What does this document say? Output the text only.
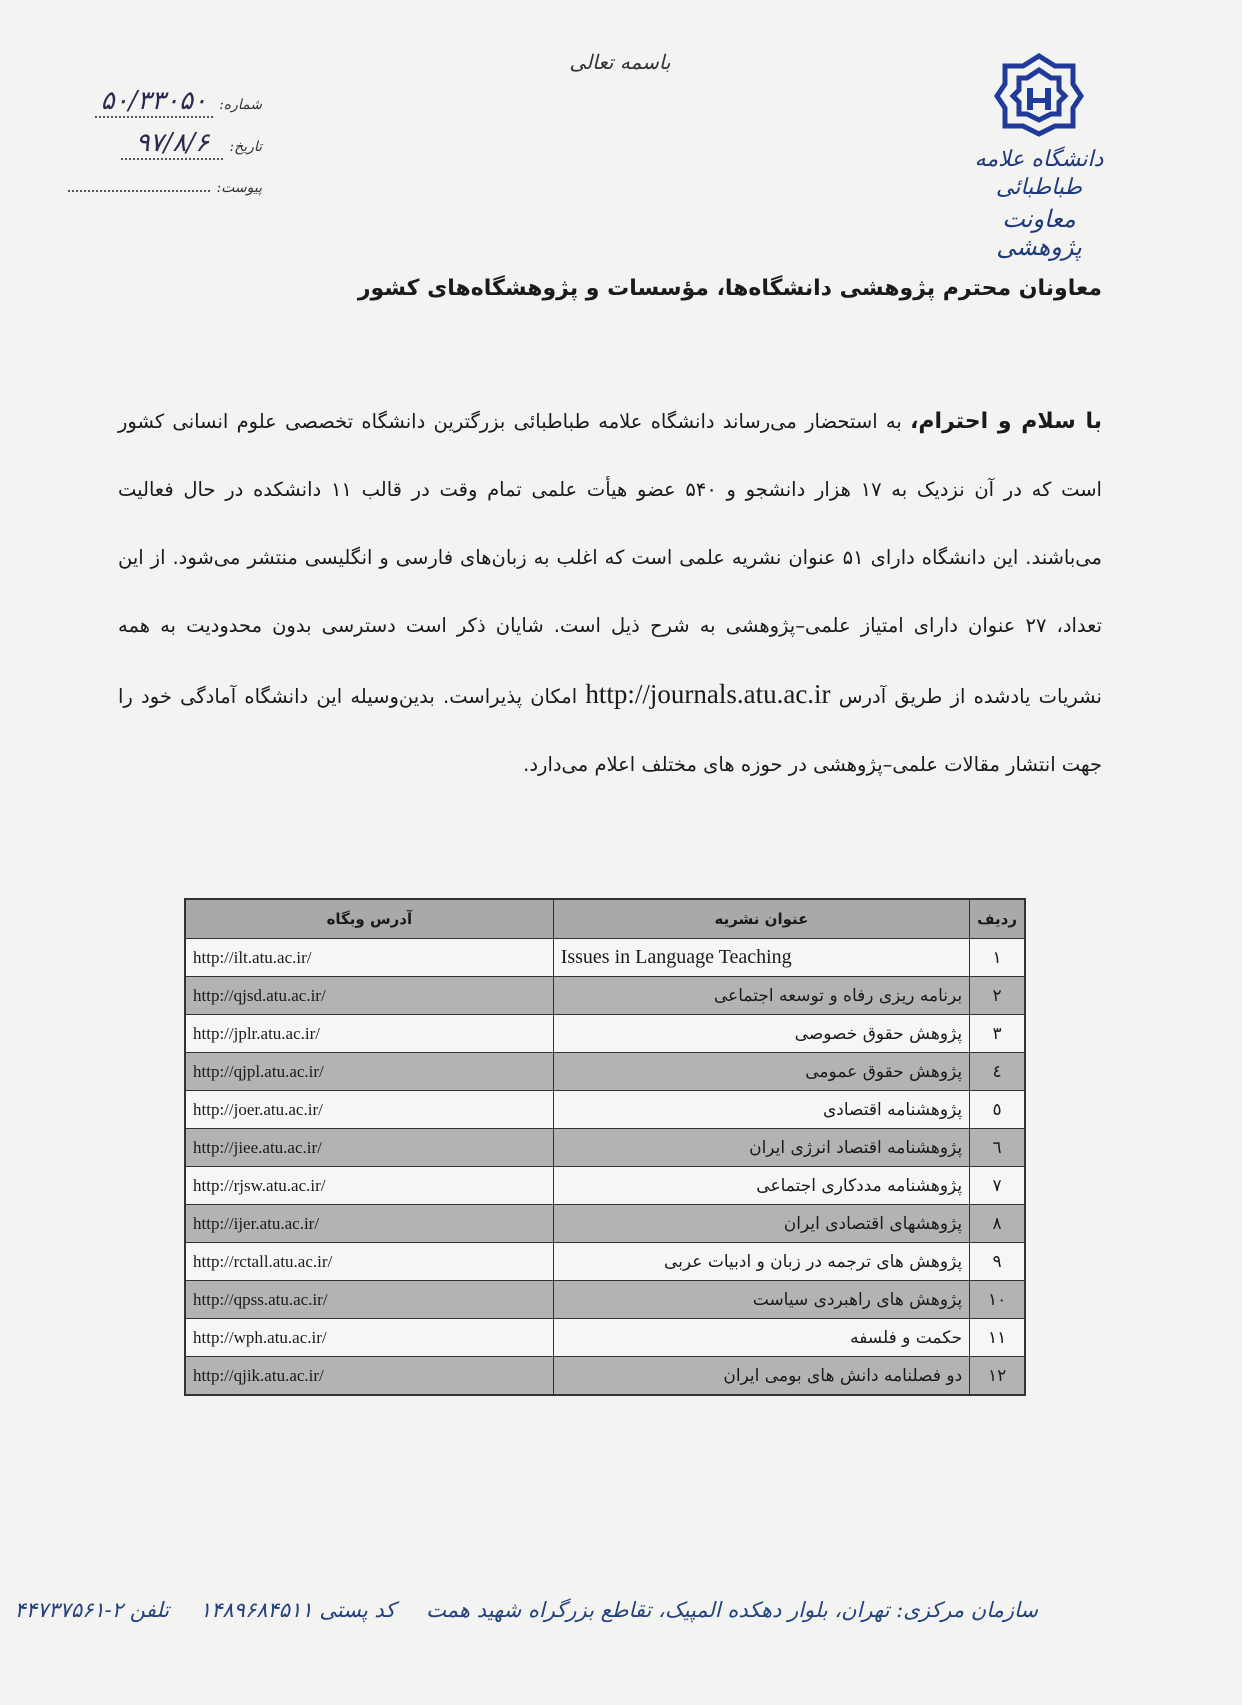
باسمه تعالی
دانشگاه علامه طباطبائی
معاونت پژوهشی
شماره:
۵۰/۳۳۰۵۰
تاریخ:
۹۷/۸/۶
پیوست:
معاونان محترم پژوهشی دانشگاه‌ها، مؤسسات و پژوهشگاه‌های کشور
با سلام و احترام، به استحضار می‌رساند دانشگاه علامه طباطبائی بزرگترین دانشگاه تخصصی علوم انسانی کشور است که در آن نزدیک به ۱۷ هزار دانشجو و ۵۴۰ عضو هیأت علمی تمام وقت در قالب ۱۱ دانشکده در حال فعالیت می‌باشند. این دانشگاه دارای ۵۱ عنوان نشریه علمی است که اغلب به زبان‌های فارسی و انگلیسی منتشر می‌شود. از این تعداد، ۲۷ عنوان دارای امتیاز علمی–پژوهشی به شرح ذیل است. شایان ذکر است دسترسی بدون محدودیت به همه نشریات یادشده از طریق آدرس http://journals.atu.ac.ir امکان پذیراست. بدین‌وسیله این دانشگاه آمادگی خود را جهت انتشار مقالات علمی–پژوهشی در حوزه های مختلف اعلام می‌دارد.
ردیف	عنوان نشریه	آدرس وبگاه
۱	Issues in Language Teaching	http://ilt.atu.ac.ir/
۲	برنامه ریزی رفاه و توسعه اجتماعی	http://qjsd.atu.ac.ir/
۳	پژوهش حقوق خصوصی	http://jplr.atu.ac.ir/
٤	پژوهش حقوق عمومی	http://qjpl.atu.ac.ir/
٥	پژوهشنامه اقتصادی	http://joer.atu.ac.ir/
٦	پژوهشنامه اقتصاد انرژی ایران	http://jiee.atu.ac.ir/
۷	پژوهشنامه مددکاری اجتماعی	http://rjsw.atu.ac.ir/
۸	پژوهشهای اقتصادی ایران	http://ijer.atu.ac.ir/
۹	پژوهش های ترجمه در زبان و ادبیات عربی	http://rctall.atu.ac.ir/
۱۰	پژوهش های راهبردی سیاست	http://qpss.atu.ac.ir/
۱۱	حکمت و فلسفه	http://wph.atu.ac.ir/
۱۲	دو فصلنامه دانش های بومی ایران	http://qjik.atu.ac.ir/
سازمان مرکزی: تهران، بلوار دهکده المپیک، تقاطع بزرگراه شهید همت کد پستی ۱۴۸۹۶۸۴۵۱۱ تلفن ۲-۴۴۷۳۷۵۶۱
